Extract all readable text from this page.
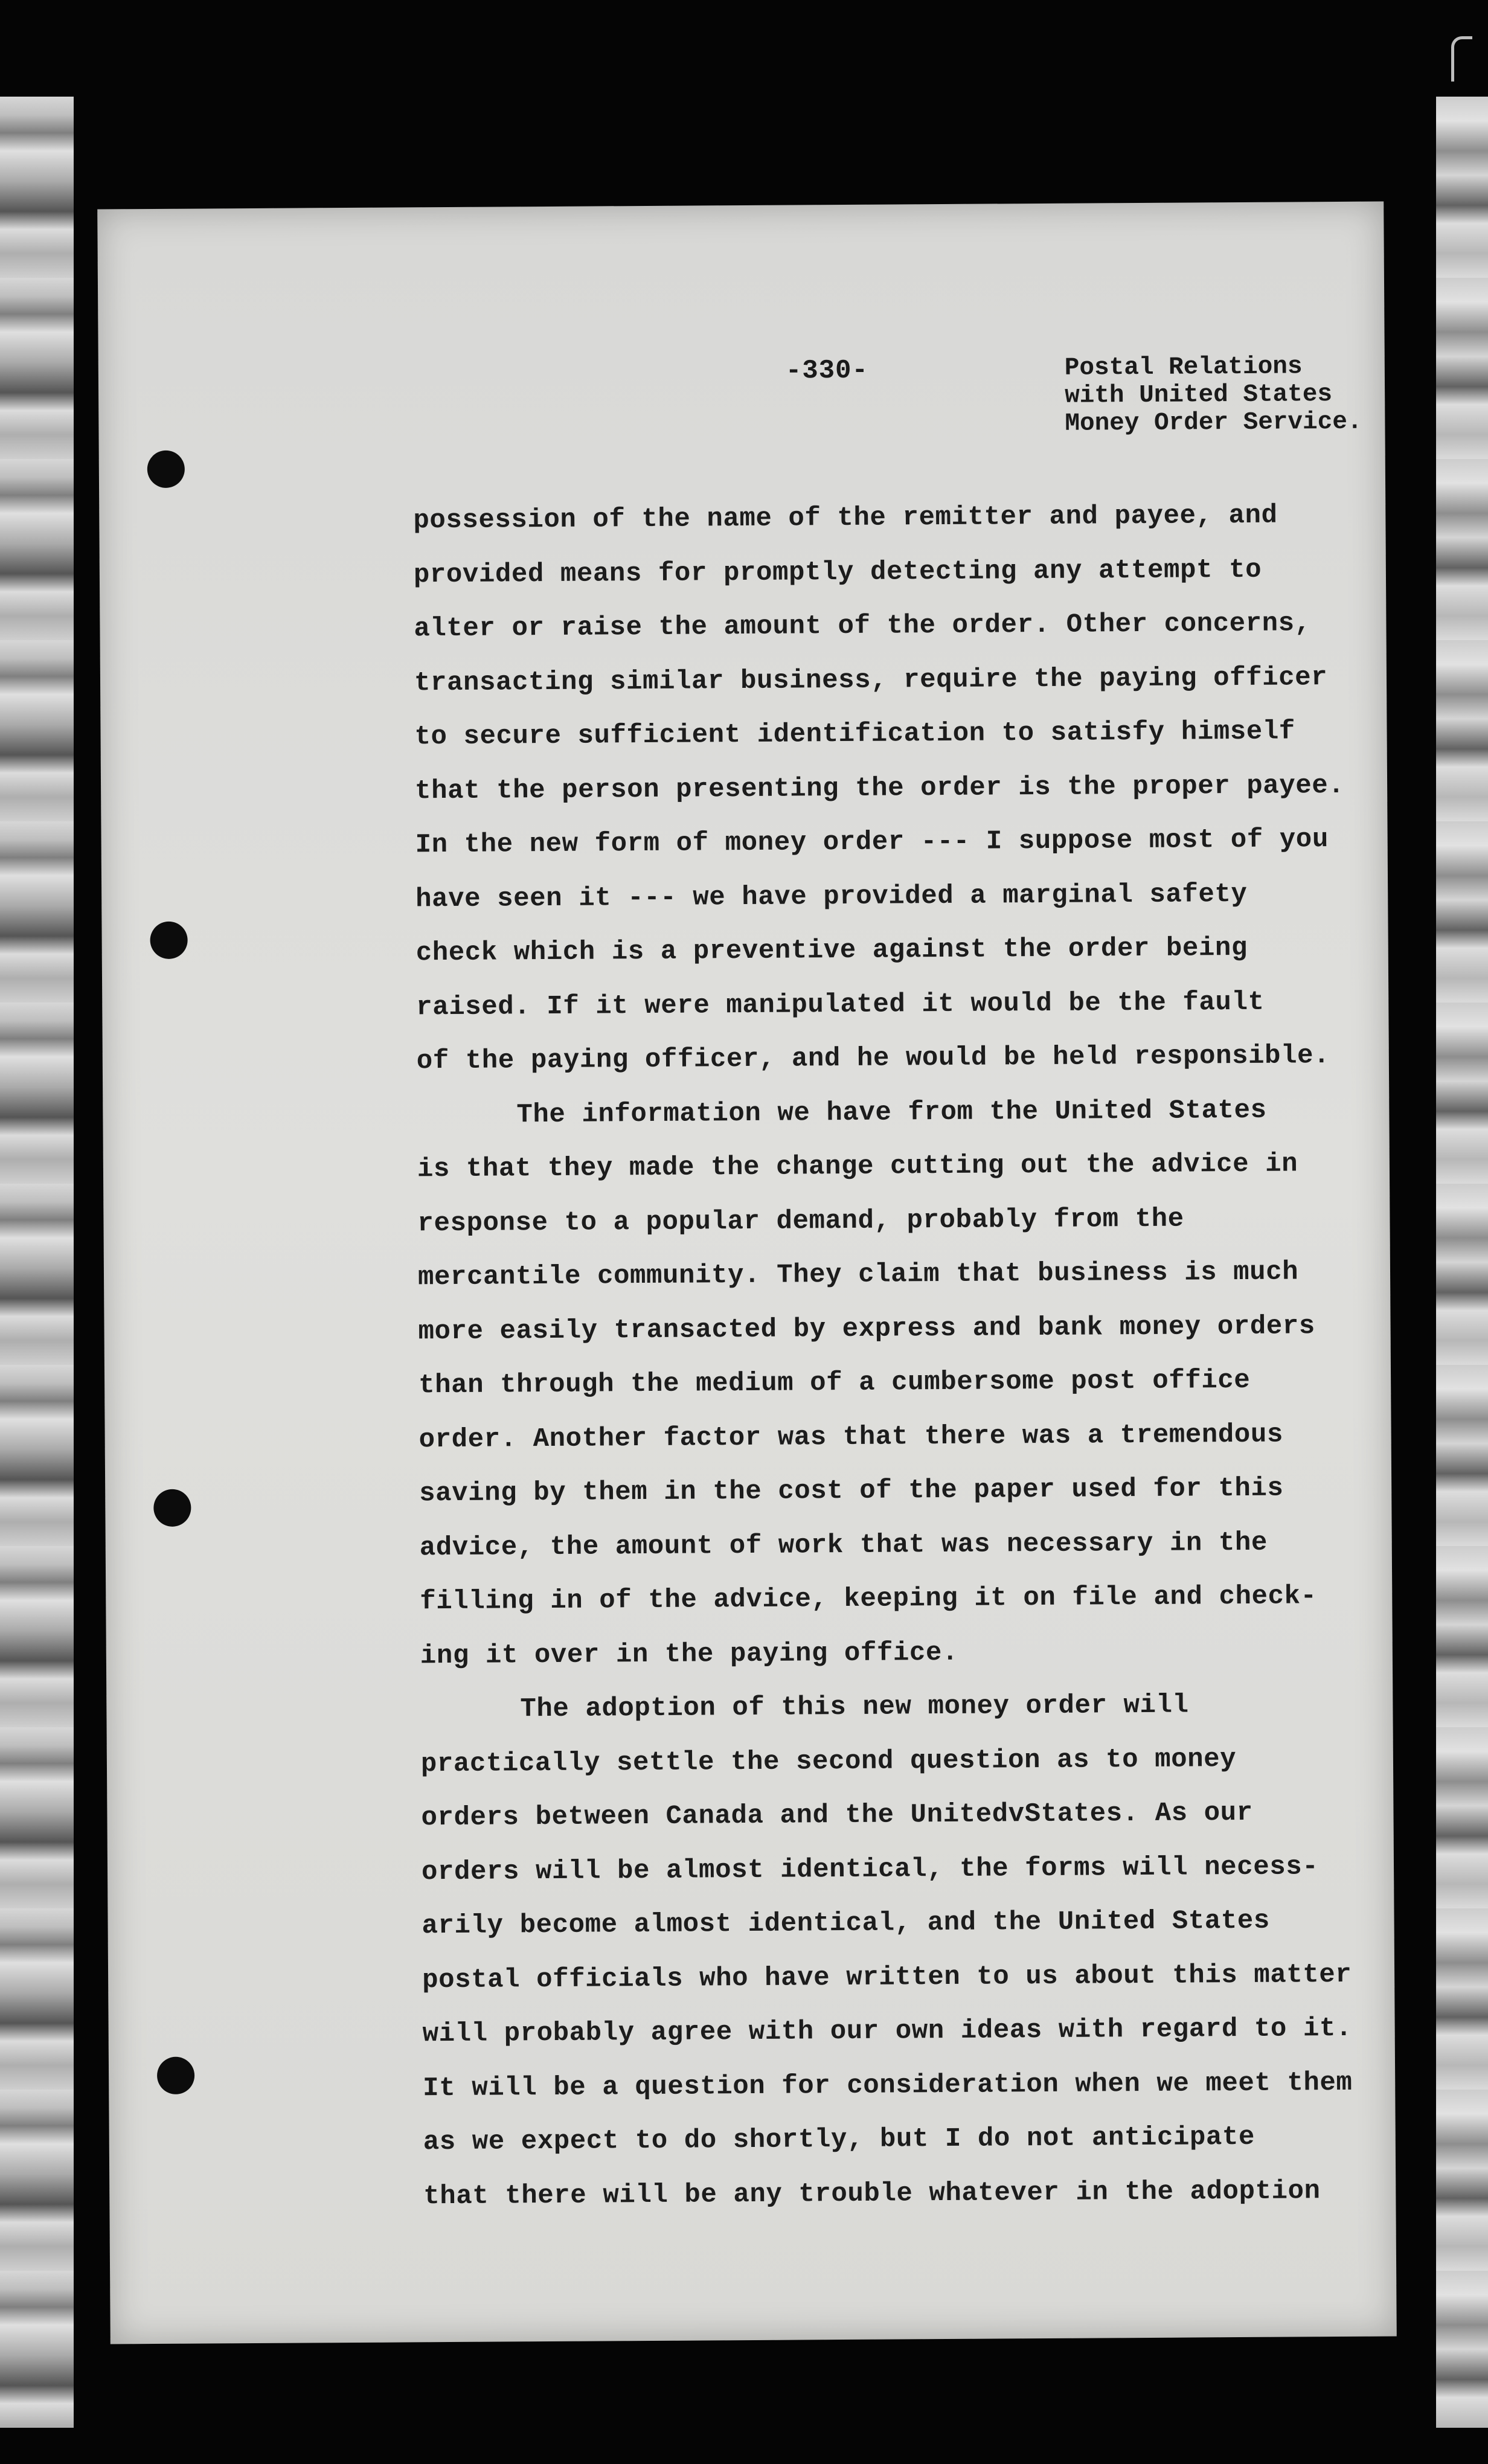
-330-	Postal Relations
with United States
Money Order Service.
possession of the name of the remitter and payee, and
provided means for promptly detecting any attempt to
alter or raise the amount of the order. Other concerns,
transacting similar business, require the paying officer
to secure sufficient identification to satisfy himself
that the person presenting the order is the proper payee.
In the new form of money order --- I suppose most of you
have seen it --- we have provided a marginal safety
check which is a preventive against the order being
raised. If it were manipulated it would be the fault
of the paying officer, and he would be held responsible.
The information we have from the United States
is that they made the change cutting out the advice in
response to a popular demand, probably from the
mercantile community. They claim that business is much
more easily transacted by express and bank money orders
than through the medium of a cumbersome post office
order. Another factor was that there was a tremendous
saving by them in the cost of the paper used for this
advice, the amount of work that was necessary in the
filling in of the advice, keeping it on file and check-
ing it over in the paying office.
The adoption of this new money order will
practically settle the second question as to money
orders between Canada and the UnitedvStates. As our
orders will be almost identical, the forms will necess-
arily become almost identical, and the United States
postal officials who have written to us about this matter
will probably agree with our own ideas with regard to it.
It will be a question for consideration when we meet them
as we expect to do shortly, but I do not anticipate
that there will be any trouble whatever in the adoption
